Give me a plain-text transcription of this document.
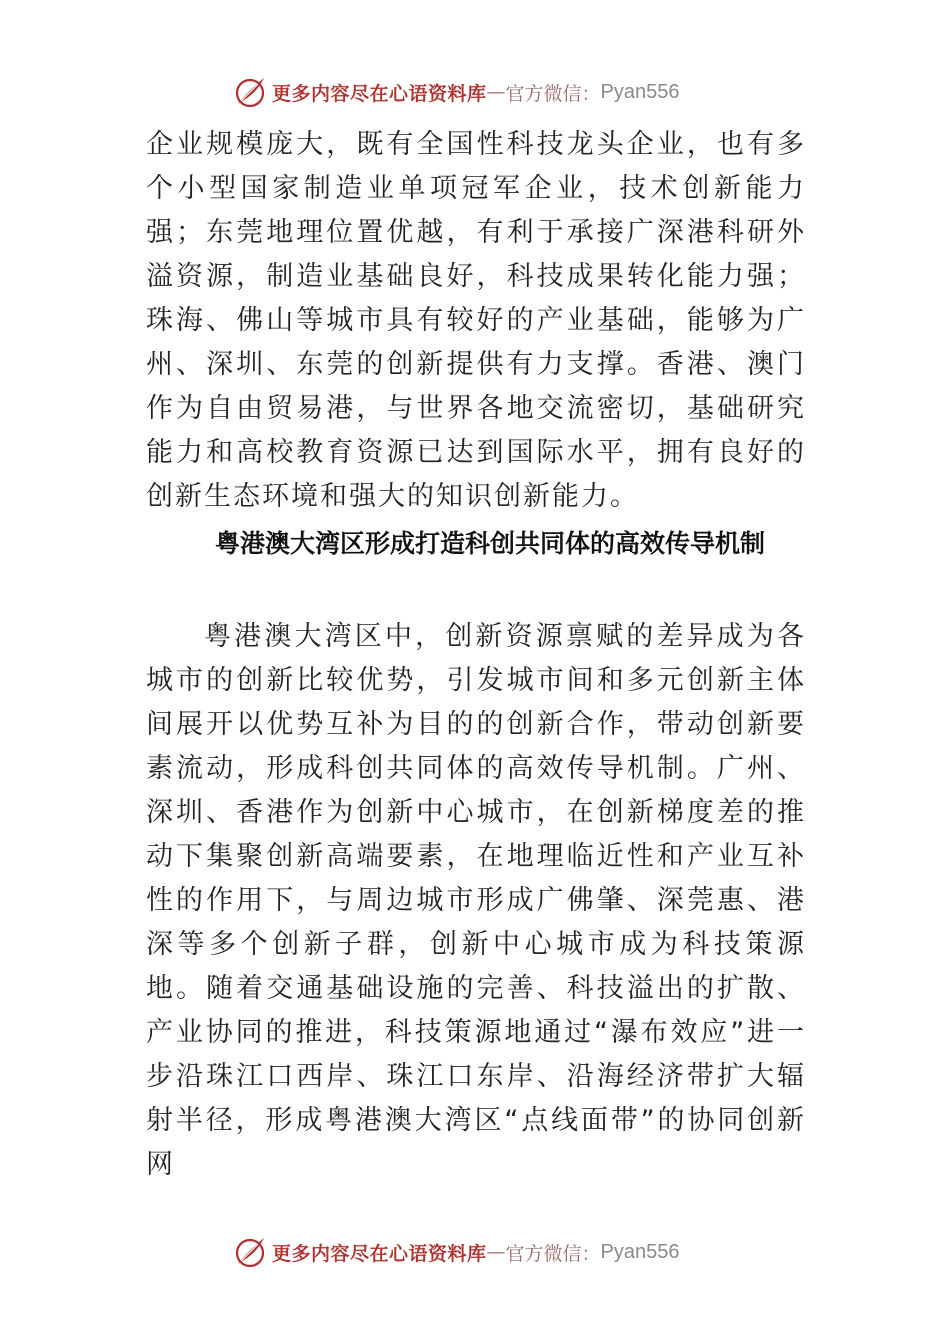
更多内容尽在心语资料库 — 官方微信： Pyan556

企业规模庞大，既有全国性科技龙头企业，也有多个小型国家制造业单项冠军企业，技术创新能力强；东莞地理位置优越，有利于承接广深港科研外溢资源，制造业基础良好，科技成果转化能力强；珠海、佛山等城市具有较好的产业基础，能够为广州、深圳、东莞的创新提供有力支撑。香港、澳门作为自由贸易港，与世界各地交流密切，基础研究能力和高校教育资源已达到国际水平，拥有良好的创新生态环境和强大的知识创新能力。

粤港澳大湾区形成打造科创共同体的高效传导机制

粤港澳大湾区中，创新资源禀赋的差异成为各城市的创新比较优势，引发城市间和多元创新主体间展开以优势互补为目的的创新合作，带动创新要素流动，形成科创共同体的高效传导机制。广州、深圳、香港作为创新中心城市，在创新梯度差的推动下集聚创新高端要素，在地理临近性和产业互补性的作用下，与周边城市形成广佛肇、深莞惠、港深等多个创新子群，创新中心城市成为科技策源地。随着交通基础设施的完善、科技溢出的扩散、产业协同的推进，科技策源地通过“瀑布效应”进一步沿珠江口西岸、珠江口东岸、沿海经济带扩大辐射半径，形成粤港澳大湾区“点线面带”的协同创新网

更多内容尽在心语资料库 — 官方微信： Pyan556
